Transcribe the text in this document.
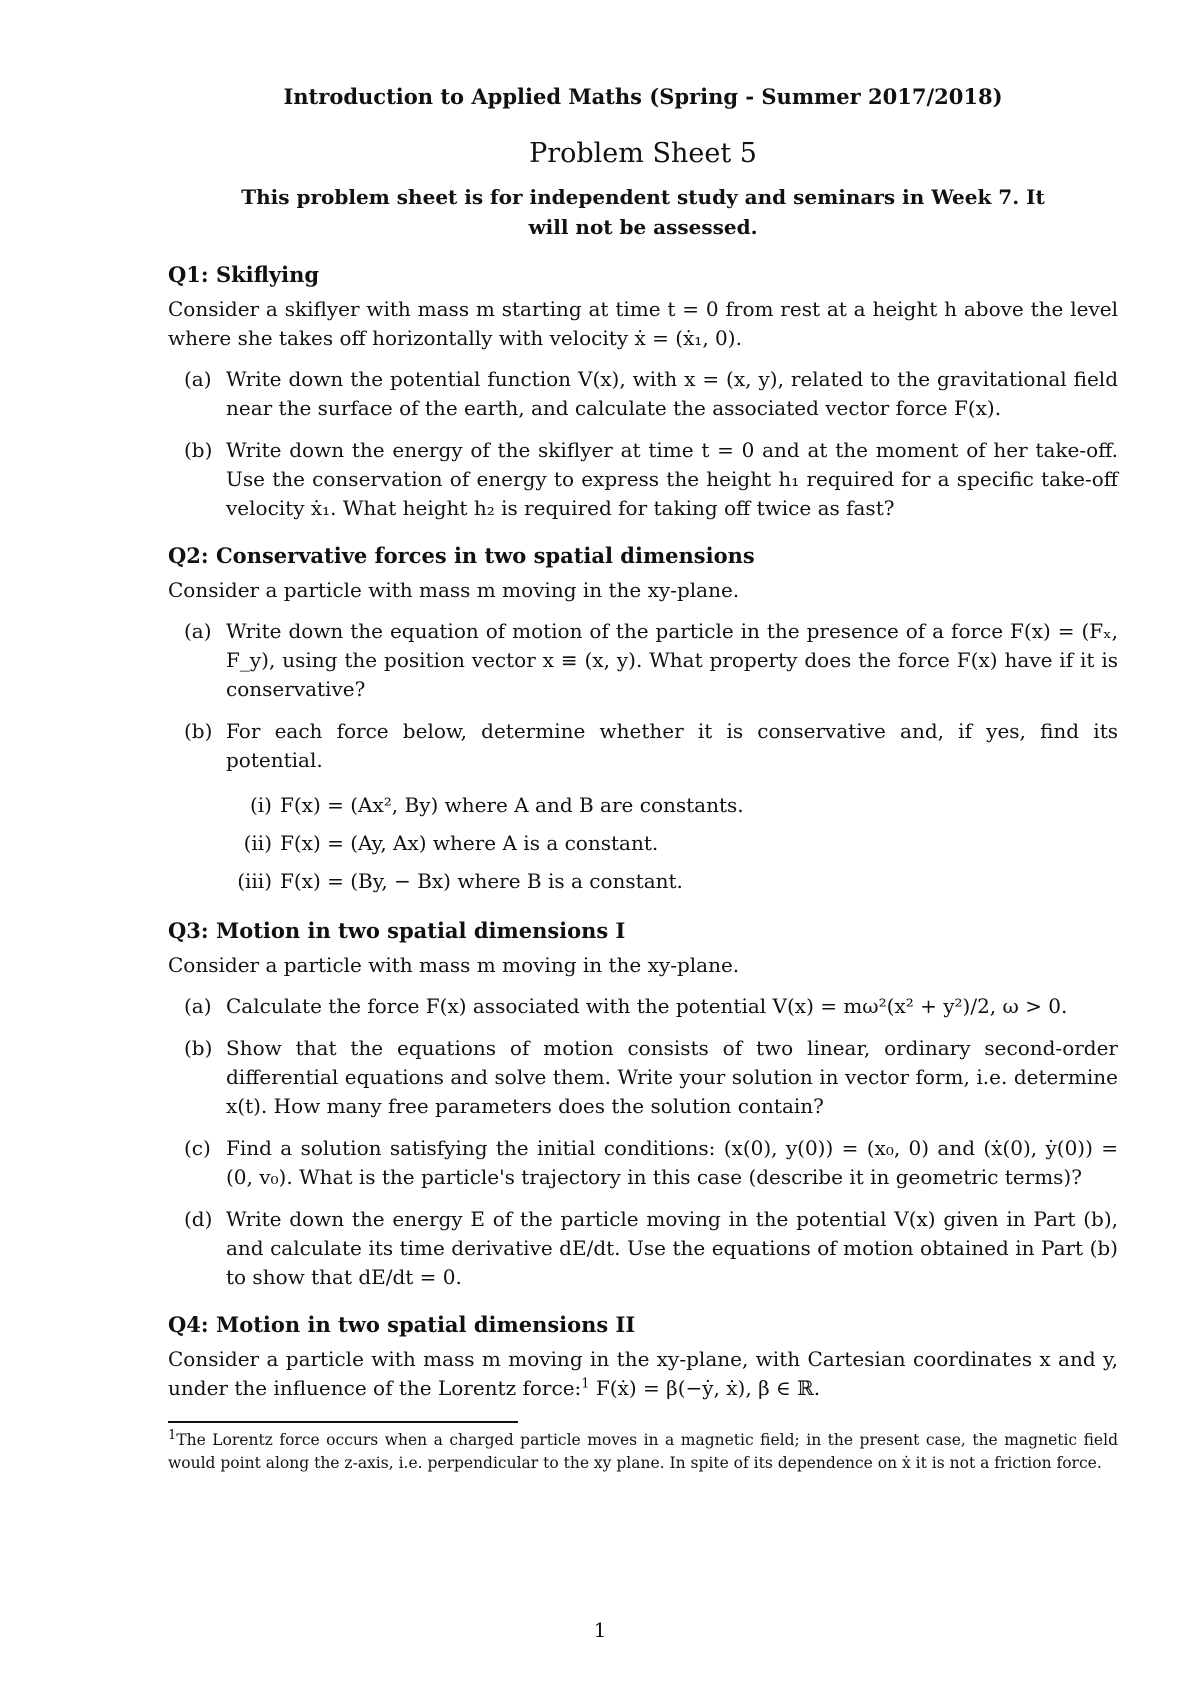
Introduction to Applied Maths (Spring - Summer 2017/2018)
Problem Sheet 5
This problem sheet is for independent study and seminars in Week 7. It will not be assessed.
Q1: Skiflying
Consider a skiflyer with mass m starting at time t = 0 from rest at a height h above the level where she takes off horizontally with velocity ẋ = (ẋ₁, 0).
(a) Write down the potential function V(x), with x = (x, y), related to the gravitational field near the surface of the earth, and calculate the associated vector force F(x).
(b) Write down the energy of the skiflyer at time t = 0 and at the moment of her take-off. Use the conservation of energy to express the height h₁ required for a specific take-off velocity ẋ₁. What height h₂ is required for taking off twice as fast?
Q2: Conservative forces in two spatial dimensions
Consider a particle with mass m moving in the xy-plane.
(a) Write down the equation of motion of the particle in the presence of a force F(x) = (Fₓ, F_y), using the position vector x ≡ (x, y). What property does the force F(x) have if it is conservative?
(b) For each force below, determine whether it is conservative and, if yes, find its potential.
(i) F(x) = (Ax², By) where A and B are constants.
(ii) F(x) = (Ay, Ax) where A is a constant.
(iii) F(x) = (By, − Bx) where B is a constant.
Q3: Motion in two spatial dimensions I
Consider a particle with mass m moving in the xy-plane.
(a) Calculate the force F(x) associated with the potential V(x) = mω²(x² + y²)/2, ω > 0.
(b) Show that the equations of motion consists of two linear, ordinary second-order differential equations and solve them. Write your solution in vector form, i.e. determine x(t). How many free parameters does the solution contain?
(c) Find a solution satisfying the initial conditions: (x(0), y(0)) = (x₀, 0) and (ẋ(0), ẏ(0)) = (0, v₀). What is the particle's trajectory in this case (describe it in geometric terms)?
(d) Write down the energy E of the particle moving in the potential V(x) given in Part (b), and calculate its time derivative dE/dt. Use the equations of motion obtained in Part (b) to show that dE/dt = 0.
Q4: Motion in two spatial dimensions II
Consider a particle with mass m moving in the xy-plane, with Cartesian coordinates x and y, under the influence of the Lorentz force:$^1$ F(ẋ) = β(−ẏ, ẋ), β ∈ ℝ.
$^1$The Lorentz force occurs when a charged particle moves in a magnetic field; in the present case, the magnetic field would point along the z-axis, i.e. perpendicular to the xy plane. In spite of its dependence on ẋ it is not a friction force.
1
